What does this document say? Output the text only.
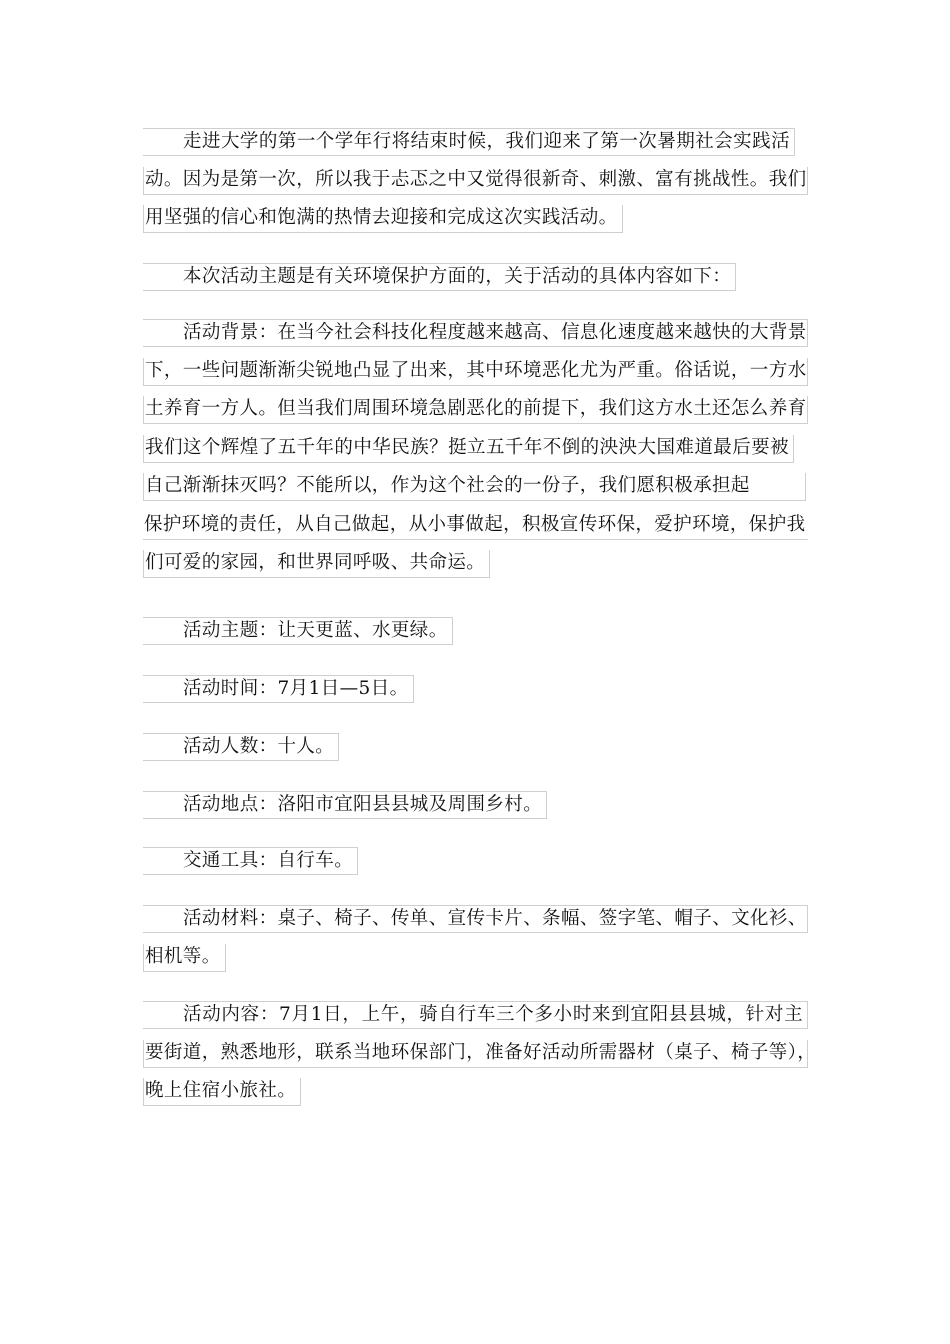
走进大学的第一个学年行将结束时候，我们迎来了第一次暑期社会实践活
动。因为是第一次，所以我于忐忑之中又觉得很新奇、刺激、富有挑战性。我们
用坚强的信心和饱满的热情去迎接和完成这次实践活动。
本次活动主题是有关环境保护方面的，关于活动的具体内容如下：
活动背景：在当今社会科技化程度越来越高、信息化速度越来越快的大背景
下，一些问题渐渐尖锐地凸显了出来，其中环境恶化尤为严重。俗话说，一方水
土养育一方人。但当我们周围环境急剧恶化的前提下，我们这方水土还怎么养育
我们这个辉煌了五千年的中华民族？挺立五千年不倒的泱泱大国难道最后要被
自己渐渐抹灭吗？不能所以，作为这个社会的一份子，我们愿积极承担起
保护环境的责任，从自己做起，从小事做起，积极宣传环保，爱护环境，保护我
们可爱的家园，和世界同呼吸、共命运。
活动主题：让天更蓝、水更绿。
活动时间：7月1日—5日。
活动人数：十人。
活动地点：洛阳市宜阳县县城及周围乡村。
交通工具：自行车。
活动材料：桌子、椅子、传单、宣传卡片、条幅、签字笔、帽子、文化衫、
相机等。
活动内容：7月1日，上午，骑自行车三个多小时来到宜阳县县城，针对主
要街道，熟悉地形，联系当地环保部门，准备好活动所需器材（桌子、椅子等），
晚上住宿小旅社。
